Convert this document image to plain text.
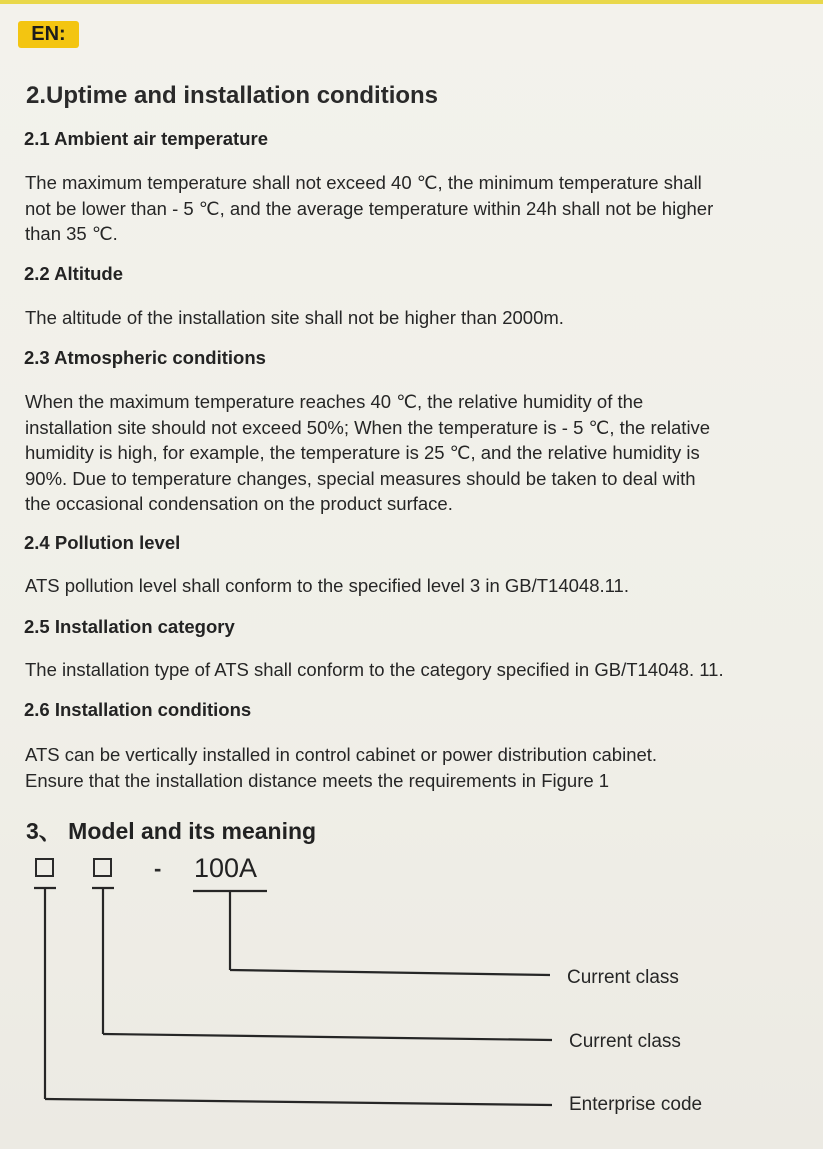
EN:
2.Uptime and installation conditions
2.1 Ambient air temperature
The maximum temperature shall not exceed 40 ℃, the minimum temperature shall
not be lower than - 5 ℃, and the average temperature within 24h shall not be higher
than 35 ℃.
2.2 Altitude
The altitude of the installation site shall not be higher than 2000m.
2.3 Atmospheric conditions
When the maximum temperature reaches 40 ℃, the relative humidity of the
installation site should not exceed 50%; When the temperature is - 5 ℃, the relative
humidity is high, for example, the temperature is 25 ℃, and the relative humidity is
90%. Due to temperature changes, special measures should be taken to deal with
the occasional condensation on the product surface.
2.4 Pollution level
ATS pollution level shall conform to the specified level 3 in GB/T14048.11.
2.5 Installation category
The installation type of ATS shall conform to the category specified in GB/T14048. 11.
2.6 Installation conditions
ATS can be vertically installed in control cabinet or power distribution cabinet.
Ensure that the installation distance meets the requirements in Figure 1
3、 Model and its meaning
- 100A
Current class
Current class
Enterprise code
